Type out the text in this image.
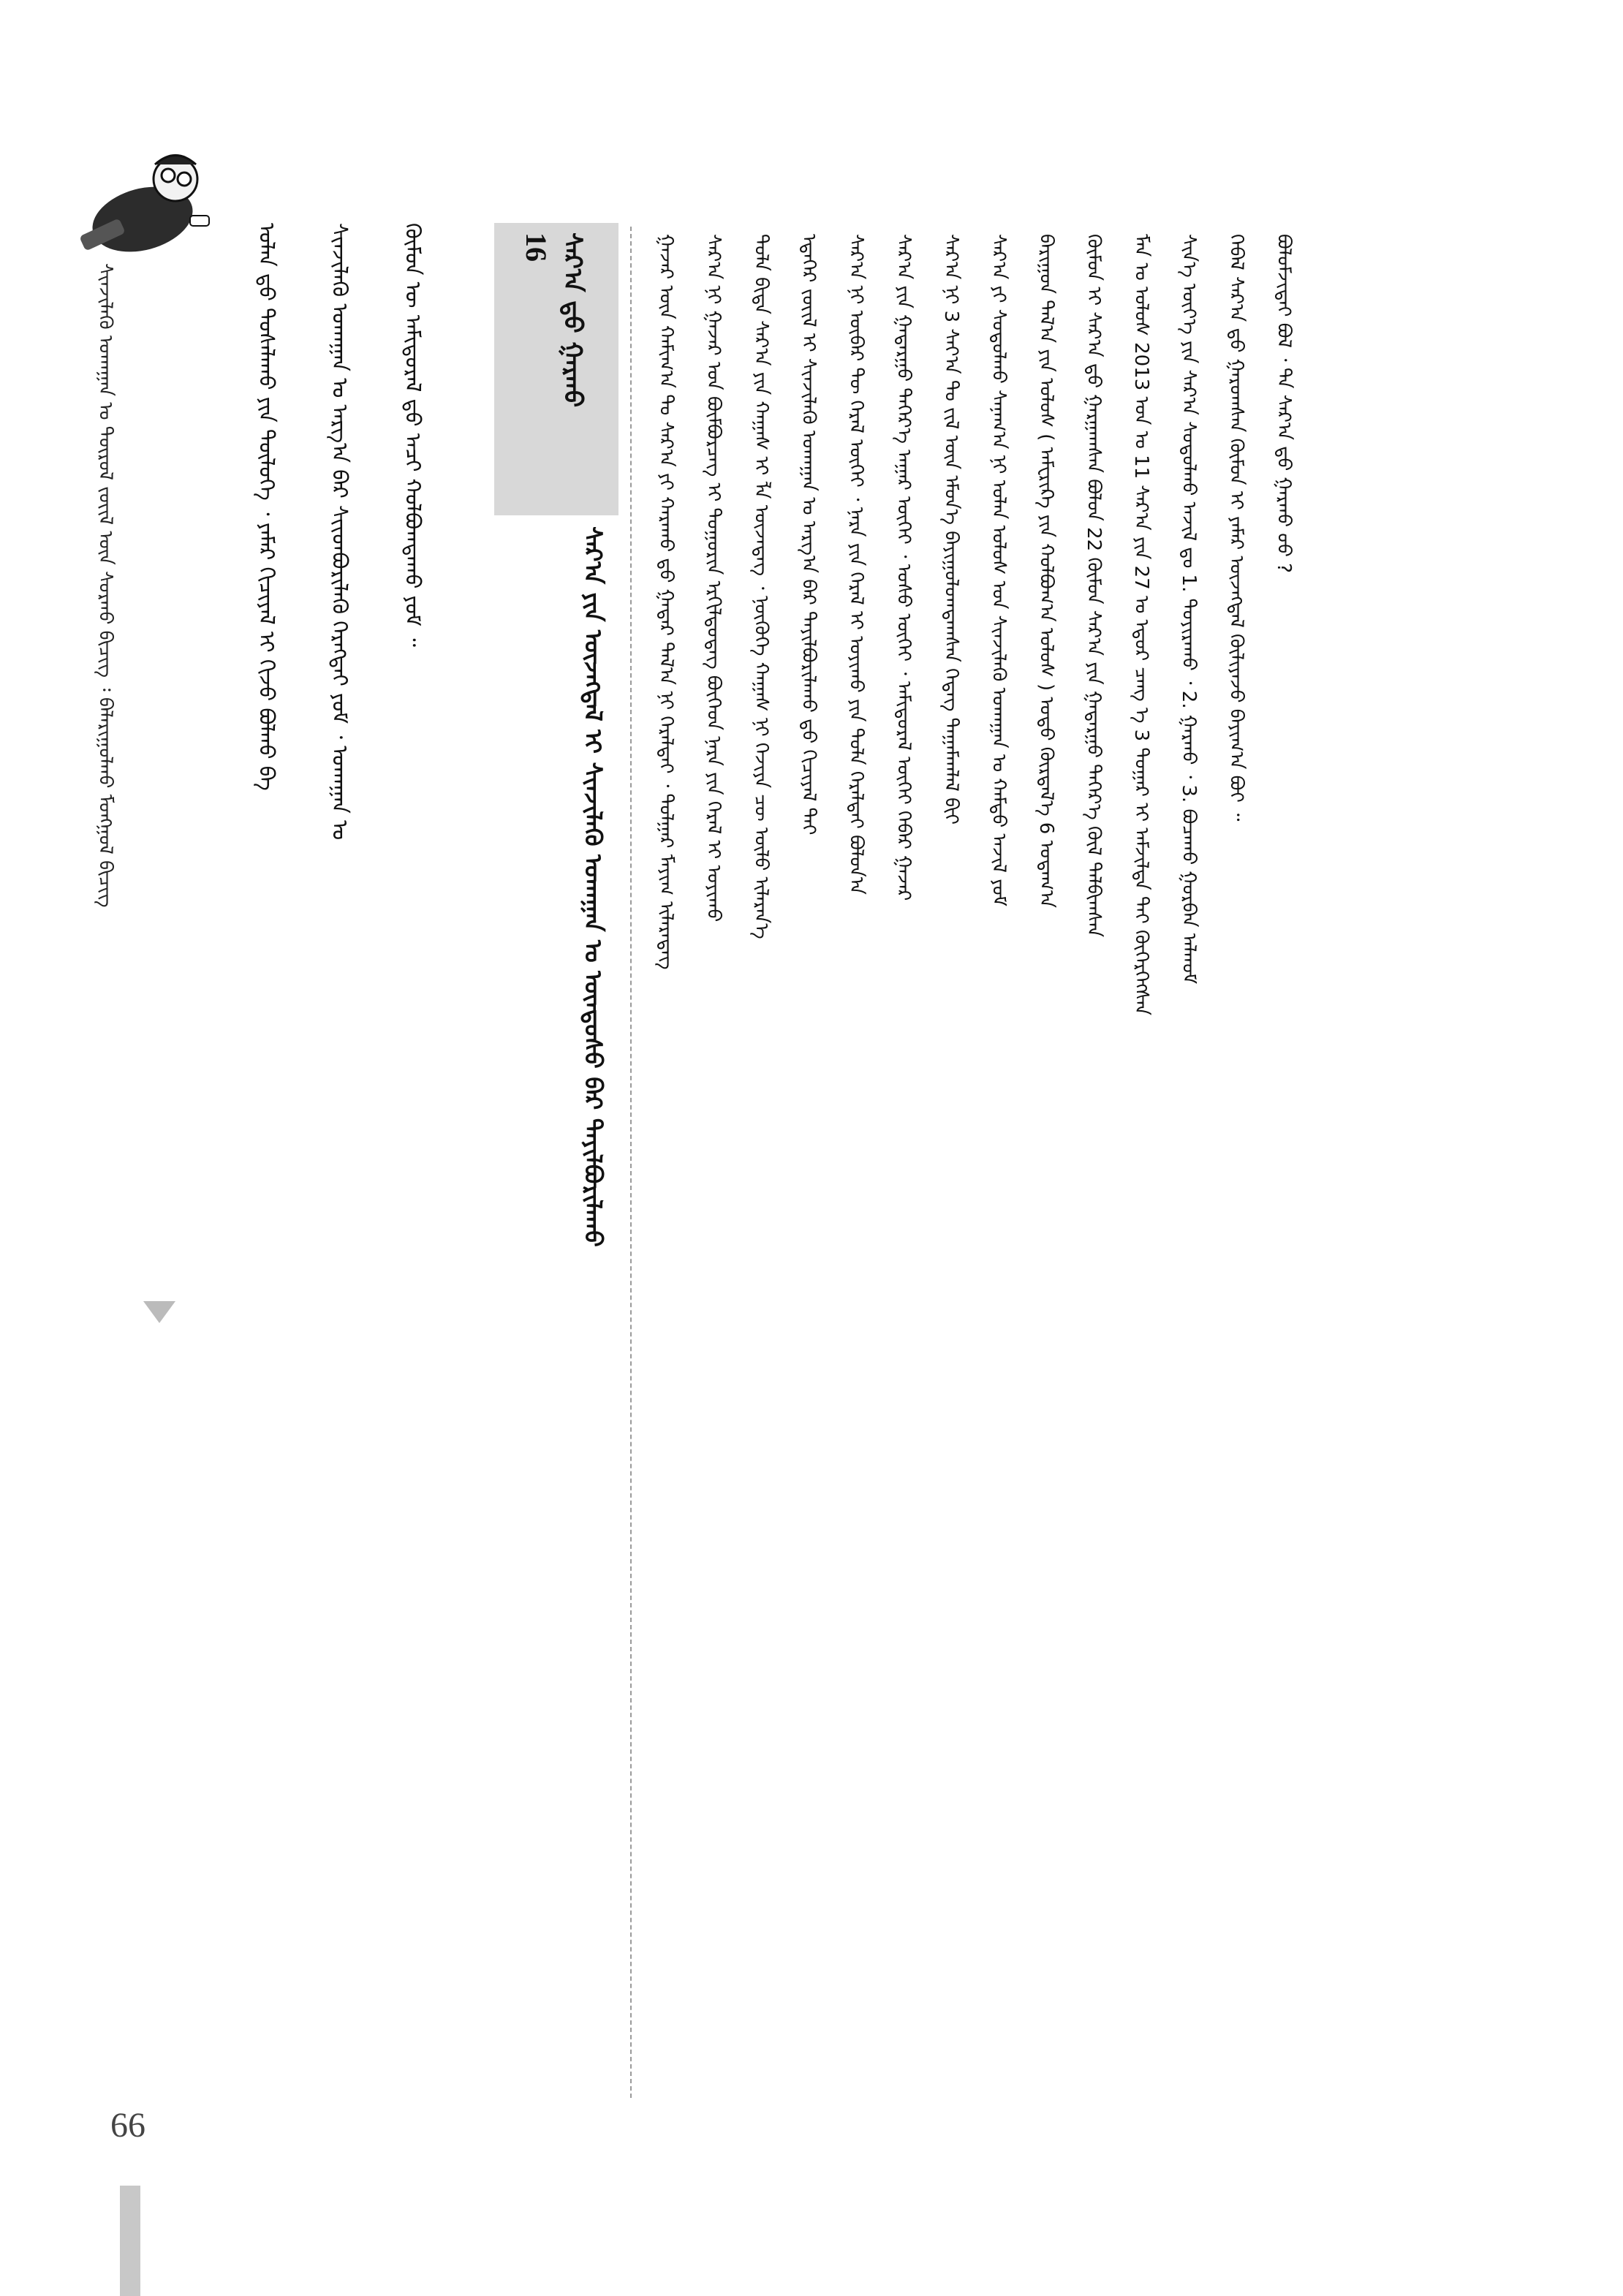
66
ᠰᠢᠨᠵᠢᠯᠡᠬᠦ ᠤᠬᠠᠭᠠᠨ ᠤ ᠲᠦᠷᠦᠯ ᠵᠦᠢᠯ ᠦᠨ ᠰᠤᠷᠬᠤ ᠪᠢᠴᠢᠭ ᠄ ᠪᠠᠯᠠᠷᠢᠭᠤᠯᠬᠤ ᠮᠣᠩᠭᠣᠯ ᠪᠢᠴᠢᠭ	ᠣᠯᠠᠨ ᠳ᠋ᠤ ᠲᠤᠰᠠᠯᠠᠬᠤ ᠶᠢᠨ ᠲᠥᠯᠥᠭᠡ ᠂ ᠶᠠᠮᠠᠷ ᠬᠢᠴᠢᠶᠡᠯ ᠢ ᠬᠢᠵᠦ ᠪᠣᠯᠬᠤ ᠪᠡ ᠰᠢᠨᠵᠢᠯᠡᠬᠦ ᠤᠬᠠᠭᠠᠨ ᠤ ᠠᠷᠭ᠎ᠠ ᠪᠠᠷ ᠰᠢᠢᠳᠪᠦᠷᠢᠯᠡᠬᠦ ᠬᠡᠷᠡᠭᠲᠡᠢ ᠶᠤᠮ ᠂ ᠤᠬᠠᠭᠠᠨ ᠤ ᠬᠦᠮᠦᠨ ᠦ ᠠᠮᠢᠳᠤᠷᠠᠯ ᠳ᠋ᠤ ᠠᠴᠢ ᠬᠣᠯᠪᠣᠭᠳᠠᠬᠤ ᠶᠤᠮ ᠃	16 ᠰᠠᠷ᠎ᠠ ᠳ᠋ᠤ ᠭᠠᠷᠬᠤ
ᠰᠠᠷ᠎ᠠ ᠶᠢᠨ ᠦᠵᠡᠭᠳᠡᠯ ᠢ ᠰᠢᠨᠵᠢᠯᠡᠬᠦ ᠤᠬᠠᠭᠠᠨ ᠤ ᠦᠨᠳᠦᠰᠦ ᠪᠡᠷ ᠲᠠᠶᠢᠯᠪᠤᠷᠢᠯᠠᠬᠤ	ᠭᠠᠵᠠᠷ ᠦᠨ ᠬᠠᠮᠢᠭ᠎ᠠ ᠲᠤ ᠰᠠᠷ᠎ᠠ ᠶᠢ ᠬᠠᠷᠠᠬᠤ ᠳ᠋ᠤ ᠭᠠᠳᠠᠷ ᠲᠠᠯ᠎ᠠ ᠨᠢ ᠭᠡᠷᠡᠯᠲᠡᠢ ᠂ ᠲᠤᠯᠭᠠᠷ ᠮᠠᠶᠢᠭ ᠢᠯᠡᠷᠡᠳᠡᠭ	ᠰᠠᠷ᠎ᠠ ᠨᠢ ᠭᠠᠵᠠᠷ ᠤᠨ ᠪᠥᠮᠪᠥᠷᠴᠡᠭ ᠢ ᠲᠣᠭᠣᠷᠢᠨ ᠡᠷᠭᠢᠯᠳᠦᠳᠡᠭ ᠪᠥᠭᠡᠳ ᠨᠠᠷᠠ ᠶᠢᠨ ᠭᠡᠷᠡᠯ ᠢ ᠣᠶᠢᠬᠤ	ᠲᠤᠯᠠ ᠪᠢᠳᠡ ᠰᠠᠷ᠎ᠠ ᠶᠢᠨ ᠬᠠᠭᠠᠰ ᠢ ᠯᠠ ᠦᠵᠡᠳᠡᠭ ᠂ ᠨᠥᠭᠦᠭᠡ ᠬᠠᠭᠠᠰ ᠨᠢ ᠬᠡᠵᠢᠶᠡ ᠴᠦ ᠦᠯᠦ ᠢᠯᠡᠷᠡᠨ᠎ᠡ	ᠡᠳᠡᠭᠡᠷ ᠵᠦᠢᠯ ᠢ ᠰᠢᠨᠵᠢᠯᠡᠬᠦ ᠤᠬᠠᠭᠠᠨ ᠤ ᠠᠷᠭ᠎ᠠ ᠪᠠᠷ ᠲᠠᠶᠢᠯᠪᠤᠷᠢᠯᠠᠬᠤ ᠳ᠋ᠤ ᠬᠢᠴᠢᠶᠡᠯ ᠲᠠᠢ	ᠰᠠᠷ᠎ᠠ ᠨᠢ ᠥᠪᠡᠷ ᠲᠦ ᠭᠡᠷᠡᠯ ᠦᠭᠡᠢ ᠂ ᠨᠠᠷᠠ ᠶᠢᠨ ᠭᠡᠷᠡᠯ ᠢ ᠣᠶᠢᠬᠤ ᠶᠢᠨ ᠲᠤᠯᠠ ᠭᠡᠷᠡᠯᠲᠡᠢ ᠪᠣᠯᠤᠨ᠎ᠠ	ᠰᠠᠷ᠎ᠠ ᠶᠢᠨ ᠭᠠᠳᠠᠷᠭᠤ ᠳᠡᠭᠡᠷ᠎ᠡ ᠠᠭᠠᠷ ᠦᠭᠡᠢ ᠂ ᠤᠰᠤ ᠦᠭᠡᠢ ᠂ ᠠᠮᠢᠳᠤᠷᠠᠯ ᠦᠭᠡᠢ ᠬᠡᠪᠡᠷ ᠭᠠᠵᠠᠷ	ᠰᠠᠷ᠎ᠠ ᠨᠢ 3 ᠰᠠᠶ᠎ᠠ ᠲᠤ ᠵᠢᠯ ᠦᠨ ᠡᠮᠦᠨ᠎ᠡ ᠪᠠᠶᠢᠭᠤᠯᠤᠭᠳᠠᠭᠰᠠᠨ ᠭᠡᠳᠡᠭ ᠲᠠᠭᠠᠮᠠᠭᠯᠠᠯ ᠪᠢᠢ	ᠰᠠᠷ᠎ᠠ ᠶᠢ ᠰᠤᠳᠤᠯᠬᠤ ᠰᠠᠨᠠᠭ᠎ᠠ ᠨᠢ ᠣᠯᠠᠨ ᠤᠯᠤᠰ ᠤᠨ ᠰᠢᠨᠵᠢᠯᠡᠬᠦ ᠤᠬᠠᠭᠠᠨ ᠤ ᠬᠠᠮᠲᠤ ᠠᠵᠢᠯ ᠶᠤᠮ	ᠪᠠᠷᠢᠭᠤᠨ ᠲᠠᠯ᠎ᠠ ᠶᠢᠨ ᠤᠯᠤᠰ ( ᠠᠮᠸᠷᠢᠺᠠ ᠶᠢᠨ ᠬᠣᠯᠪᠣᠭ᠎ᠠ ᠤᠯᠤᠰ ) ᠣᠳᠣ ᠬᠦᠷᠲᠡᠯ᠎ᠡ 6 ᠤᠳᠠᠭ᠎ᠠ	ᠬᠦᠮᠦᠨ ᠢ ᠰᠠᠷ᠎ᠠ ᠳ᠋ᠤ ᠭᠠᠷᠭᠠᠭᠰᠠᠨ ᠪᠣᠯᠤᠨ 22 ᠬᠦᠮᠦᠨ ᠰᠠᠷ᠎ᠠ ᠶᠢᠨ ᠭᠠᠳᠠᠷᠭᠤ ᠳᠡᠭᠡᠷ᠎ᠡ ᠬᠥᠯ ᠲᠠᠯᠪᠢᠭᠰᠠᠨ	ᠮᠠᠨ ᠤ ᠤᠯᠤᠰ 2013 ᠣᠨ ᠤ 11 ᠰᠠᠷ᠎ᠠ ᠶᠢᠨ 27 ᠤ ᠡᠳᠦᠷ ᠴᠠᠩ ᠡ 3 ᠳᠤᠭᠠᠷ ᠢ ᠠᠮᠵᠢᠯᠲᠠ ᠲᠠᠢ ᠬᠥᠭᠡᠷᠭᠡᠭᠰᠡᠨ	ᠰᠢᠨ᠎ᠡ ᠦᠶ᠎ᠡ ᠶᠢᠨ ᠰᠠᠷ᠎ᠠ ᠰᠤᠳᠤᠯᠬᠤ ᠠᠵᠢᠯ ᠳᠤ 1. ᠲᠣᠶᠢᠷᠠᠬᠤ ᠂ 2. ᠭᠠᠷᠬᠤ ᠂ 3. ᠪᠤᠴᠠᠬᠤ ᠭᠤᠷᠪᠠᠨ ᠠᠯᠬᠤᠮ	ᠬᠡᠪᠡᠯ ᠰᠠᠷ᠎ᠠ ᠳ᠋ᠤ ᠭᠠᠷᠤᠭᠰᠠᠨ ᠬᠦᠮᠦᠨ ᠢ ᠶᠠᠮᠠᠷ ᠦᠵᠡᠭᠳᠡᠯ ᠬᠦᠯᠢᠶᠡᠵᠦ ᠪᠠᠶᠢᠭ᠎ᠠ ᠪᠣᠢ ᠃	ᠪᠣᠯᠤᠮᠵᠢᠲᠠᠢ ᠪᠣᠯ ᠂ ᠲᠠ ᠰᠠᠷ᠎ᠠ ᠳ᠋ᠤ ᠭᠠᠷᠬᠤ ᠤᠤ ?
